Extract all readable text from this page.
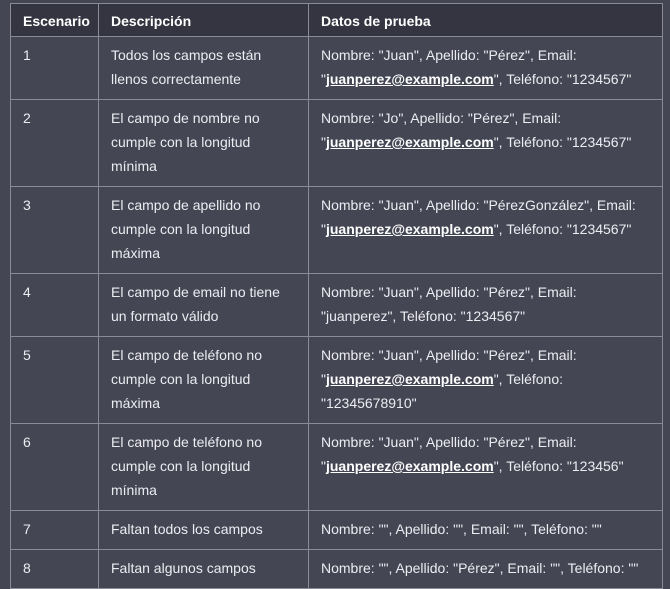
Escenario	Descripción	Datos de prueba
1	Todos los campos están llenos correctamente	Nombre: "Juan", Apellido: "Pérez", Email: "juanperez@example.com", Teléfono: "1234567"
2	El campo de nombre no cumple con la longitud mínima	Nombre: "Jo", Apellido: "Pérez", Email: "juanperez@example.com", Teléfono: "1234567"
3	El campo de apellido no cumple con la longitud máxima	Nombre: "Juan", Apellido: "PérezGonzález", Email: "juanperez@example.com", Teléfono: "1234567"
4	El campo de email no tiene un formato válido	Nombre: "Juan", Apellido: "Pérez", Email: "juanperez", Teléfono: "1234567"
5	El campo de teléfono no cumple con la longitud máxima	Nombre: "Juan", Apellido: "Pérez", Email: "juanperez@example.com", Teléfono: "12345678910"
6	El campo de teléfono no cumple con la longitud mínima	Nombre: "Juan", Apellido: "Pérez", Email: "juanperez@example.com", Teléfono: "123456"
7	Faltan todos los campos	Nombre: "", Apellido: "", Email: "", Teléfono: ""
8	Faltan algunos campos	Nombre: "", Apellido: "Pérez", Email: "", Teléfono: ""
